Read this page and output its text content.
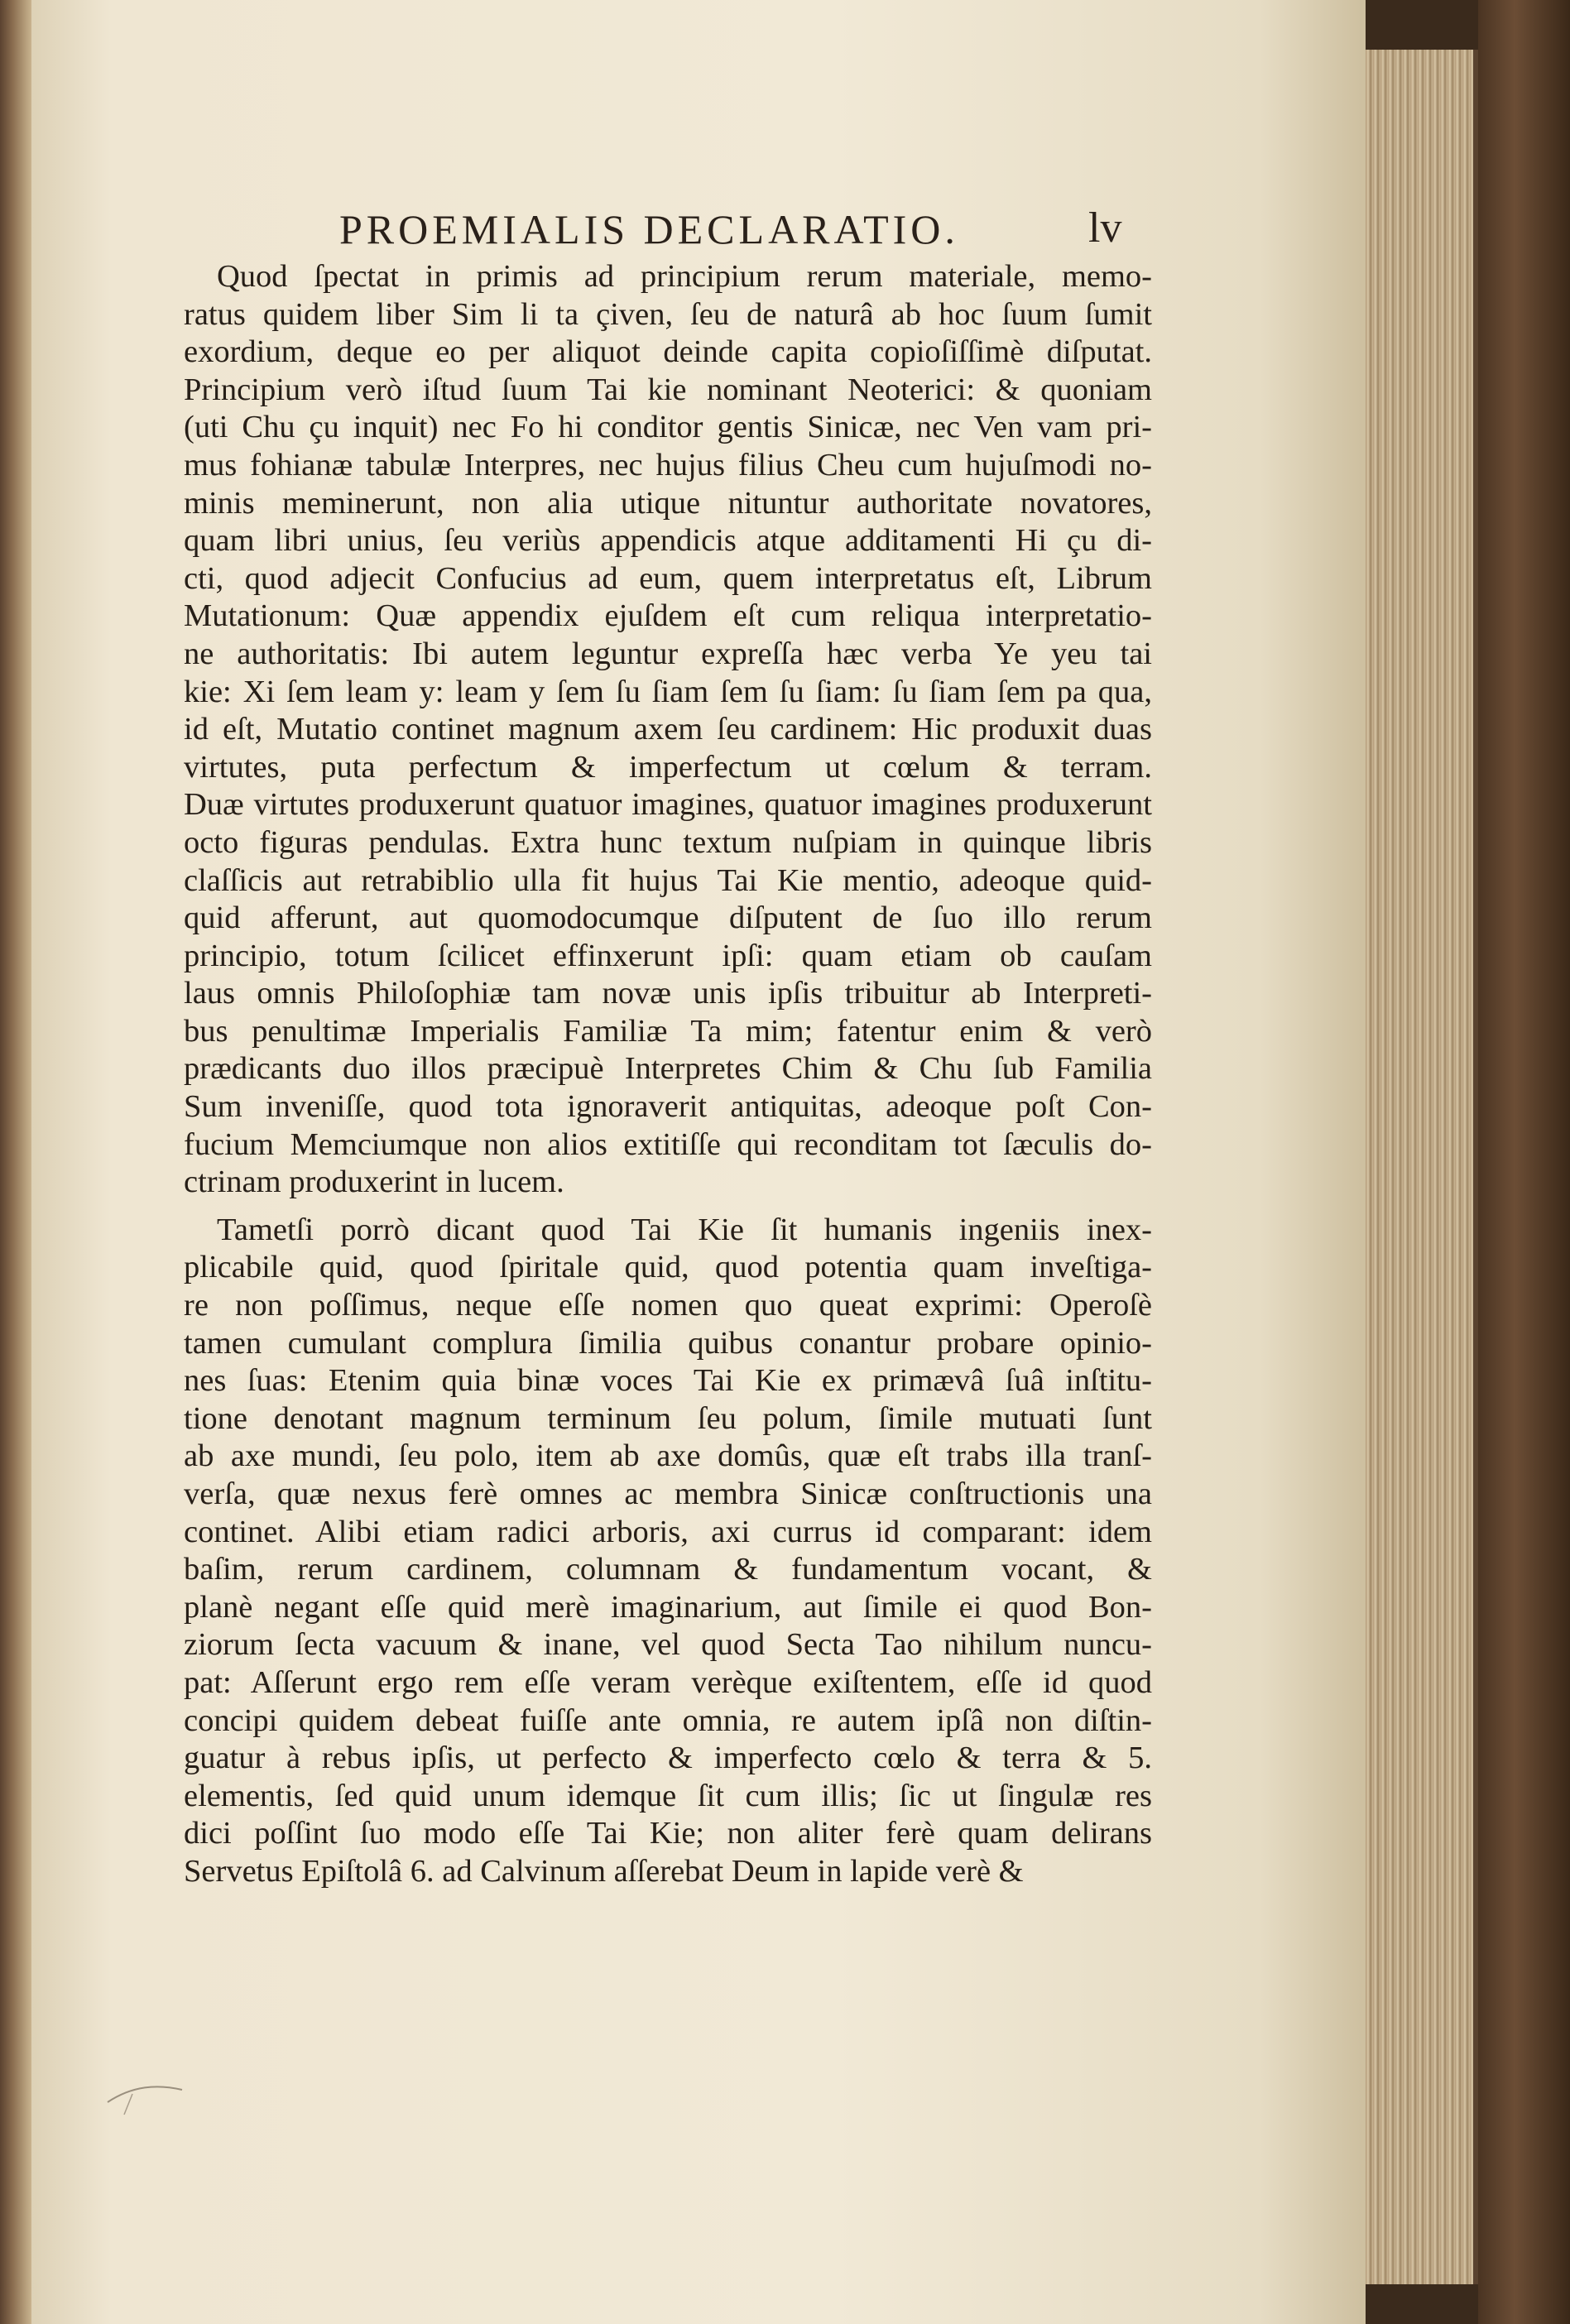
PROEMIALIS DECLARATIO.	lv
Quod ſpectat in primis ad principium rerum materiale, memo-
ratus quidem liber Sim li ta çiven, ſeu de naturâ ab hoc ſuum ſumit
exordium, deque eo per aliquot deinde capita copioſiſſimè diſputat.
Principium verò iſtud ſuum Tai kie nominant Neoterici: & quoniam
(uti Chu çu inquit) nec Fo hi conditor gentis Sinicæ, nec Ven vam pri-
mus fohianæ tabulæ Interpres, nec hujus filius Cheu cum hujuſmodi no-
minis meminerunt, non alia utique nituntur authoritate novatores,
quam libri unius, ſeu veriùs appendicis atque additamenti Hi çu di-
cti, quod adjecit Confucius ad eum, quem interpretatus eſt, Librum
Mutationum: Quæ appendix ejuſdem eſt cum reliqua interpretatio-
ne authoritatis: Ibi autem leguntur expreſſa hæc verba Ye yeu tai
kie: Xi ſem leam y: leam y ſem ſu ſiam ſem ſu ſiam: ſu ſiam ſem pa qua,
id eſt, Mutatio continet magnum axem ſeu cardinem: Hic produxit duas
virtutes, puta perfectum & imperfectum ut cœlum & terram.
Duæ virtutes produxerunt quatuor imagines, quatuor imagines produxerunt
octo figuras pendulas. Extra hunc textum nuſpiam in quinque libris
claſſicis aut retrabiblio ulla fit hujus Tai Kie mentio, adeoque quid-
quid afferunt, aut quomodocumque diſputent de ſuo illo rerum
principio, totum ſcilicet effinxerunt ipſi: quam etiam ob cauſam
laus omnis Philoſophiæ tam novæ unis ipſis tribuitur ab Interpreti-
bus penultimæ Imperialis Familiæ Ta mim; fatentur enim & verò
prædicants duo illos præcipuè Interpretes Chim & Chu ſub Familia
Sum inveniſſe, quod tota ignoraverit antiquitas, adeoque poſt Con-
fucium Memciumque non alios extitiſſe qui reconditam tot ſæculis do-
ctrinam produxerint in lucem.
Tametſi porrò dicant quod Tai Kie ſit humanis ingeniis inex-
plicabile quid, quod ſpiritale quid, quod potentia quam inveſtiga-
re non poſſimus, neque eſſe nomen quo queat exprimi: Operoſè
tamen cumulant complura ſimilia quibus conantur probare opinio-
nes ſuas: Etenim quia binæ voces Tai Kie ex primævâ ſuâ inſtitu-
tione denotant magnum terminum ſeu polum, ſimile mutuati ſunt
ab axe mundi, ſeu polo, item ab axe domûs, quæ eſt trabs illa tranſ-
verſa, quæ nexus ferè omnes ac membra Sinicæ conſtructionis una
continet. Alibi etiam radici arboris, axi currus id comparant: idem
baſim, rerum cardinem, columnam & fundamentum vocant, &
planè negant eſſe quid merè imaginarium, aut ſimile ei quod Bon-
ziorum ſecta vacuum & inane, vel quod Secta Tao nihilum nuncu-
pat: Aſſerunt ergo rem eſſe veram verèque exiſtentem, eſſe id quod
concipi quidem debeat fuiſſe ante omnia, re autem ipſâ non diſtin-
guatur à rebus ipſis, ut perfecto & imperfecto cœlo & terra & 5.
elementis, ſed quid unum idemque ſit cum illis; ſic ut ſingulæ res
dici poſſint ſuo modo eſſe Tai Kie; non aliter ferè quam delirans
Servetus Epiſtolâ 6. ad Calvinum aſſerebat Deum in lapide verè &
